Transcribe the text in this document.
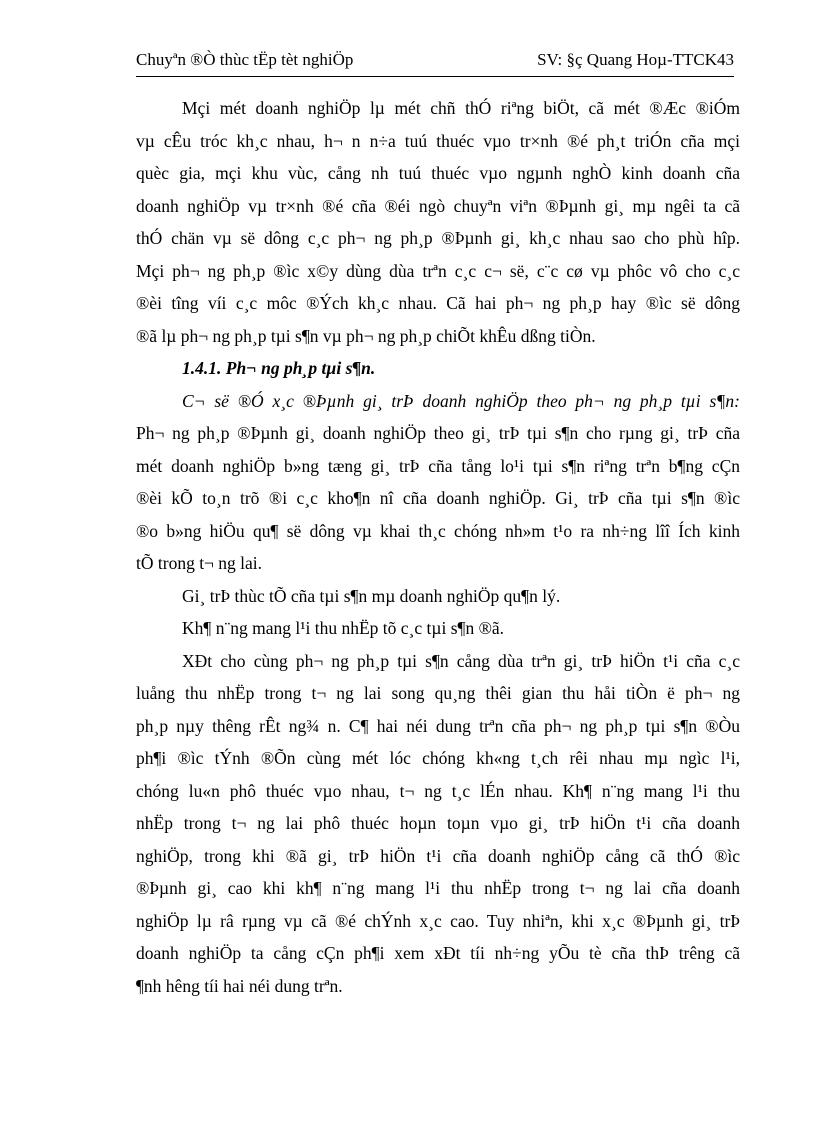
Chuyªn ®Ò thùc tËp tèt nghiÖp	SV: §ç Quang Hoµ-TTCK43
Mçi mét doanh nghiÖp lµ mét chñ thÓ riªng biÖt, cã mét ®Æc ®iÓm
vµ cÊu tróc kh¸c nhau, h¬ n n÷a tuú thuéc vµo tr×nh ®é ph¸t triÓn cña mçi
quèc gia, mçi khu vùc, cång nh tuú thuéc vµo ngµnh nghÒ kinh doanh cña
doanh nghiÖp vµ tr×nh ®é cña ®éi ngò chuyªn viªn ®Þµnh gi¸ mµ ngêi ta cã
thÓ chän vµ së dông c¸c ph¬ ng ph¸p ®Þµnh gi¸ kh¸c nhau sao cho phù hîp.
Mçi ph¬ ng ph¸p ®ìc x©y dùng dùa trªn c¸c c¬ së, c¨c cø vµ phôc vô cho c¸c
®èi tîng víi c¸c môc ®Ých kh¸c nhau. Cã hai ph¬ ng ph¸p hay ®ìc së dông
®ã lµ ph¬ ng ph¸p tµi s¶n vµ ph¬ ng ph¸p chiÕt khÊu dßng tiÒn.
1.4.1. Ph¬ ng ph¸p tµi s¶n.
C¬ së ®Ó x¸c ®Þµnh gi¸ trÞ doanh nghiÖp theo ph¬ ng ph¸p tµi s¶n:
Ph¬ ng ph¸p ®Þµnh gi¸ doanh nghiÖp theo gi¸ trÞ tµi s¶n cho rµng gi¸ trÞ cña
mét doanh nghiÖp b»ng tæng gi¸ trÞ cña tång lo¹i tµi s¶n riªng trªn b¶ng cÇn
®èi kÕ to¸n trõ ®i c¸c kho¶n nî cña doanh nghiÖp. Gi¸ trÞ cña tµi s¶n ®ìc
®o b»ng hiÖu qu¶ së dông vµ khai th¸c chóng nh»m t¹o ra nh÷ng lîî Ích kinh
tÕ trong t¬ ng lai.
Gi¸ trÞ thùc tÕ cña tµi s¶n mµ doanh nghiÖp qu¶n lý.
Kh¶ n¨ng mang l¹i thu nhËp tõ c¸c tµi s¶n ®ã.
XÐt cho cùng ph¬ ng ph¸p tµi s¶n cång dùa trªn gi¸ trÞ hiÖn t¹i cña c¸c
luång thu nhËp trong t¬ ng lai song qu¸ng thêi gian thu håi tiÒn ë ph¬ ng
ph¸p nµy thêng rÊt ng¾ n. C¶ hai néi dung trªn cña ph¬ ng ph¸p tµi s¶n ®Òu
ph¶i ®ìc tÝnh ®Õn cùng mét lóc chóng kh«ng t¸ch rêi nhau mµ ngìc l¹i,
chóng lu«n phô thuéc vµo nhau, t¬ ng t¸c lÉn nhau. Kh¶ n¨ng mang l¹i thu
nhËp trong t¬ ng lai phô thuéc hoµn toµn vµo gi¸ trÞ hiÖn t¹i cña doanh
nghiÖp, trong khi ®ã gi¸ trÞ hiÖn t¹i cña doanh nghiÖp cång cã thÓ ®ìc
®Þµnh gi¸ cao khi kh¶ n¨ng mang l¹i thu nhËp trong t¬ ng lai cña doanh
nghiÖp lµ râ rµng vµ cã ®é chÝnh x¸c cao. Tuy nhiªn, khi x¸c ®Þµnh gi¸ trÞ
doanh nghiÖp ta cång cÇn ph¶i xem xÐt tíi nh÷ng yÕu tè cña thÞ trêng cã
¶nh hêng tíi hai néi dung trªn.
